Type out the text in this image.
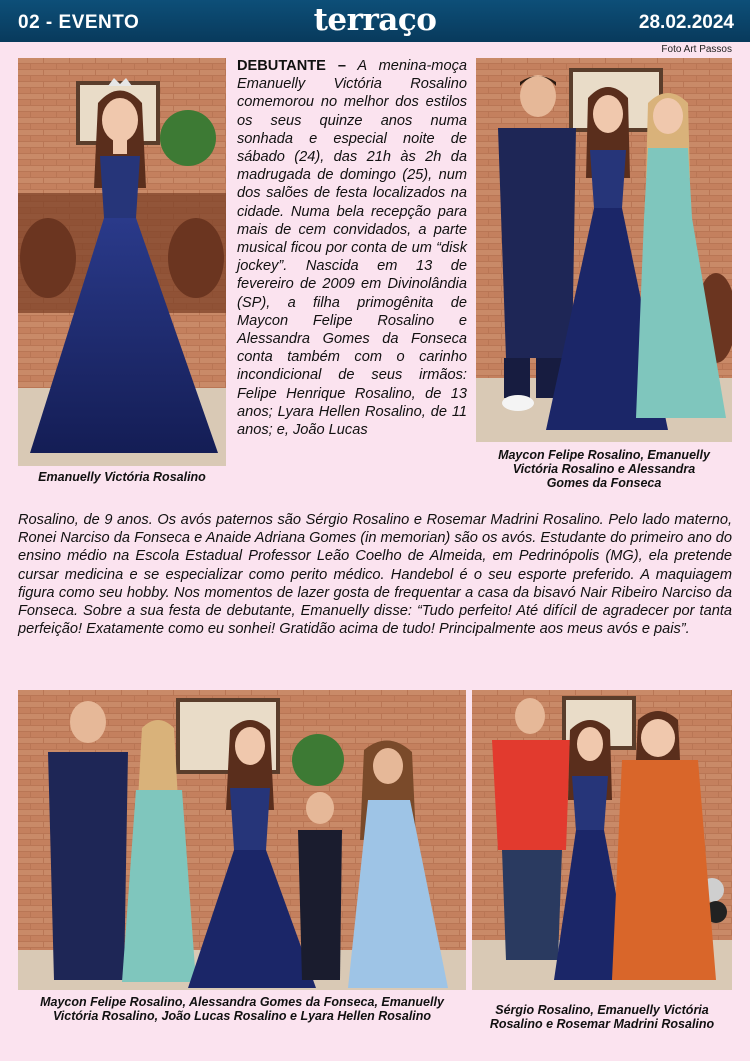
02 - EVENTO	terraço	28.02.2024
Foto Art Passos
Emanuelly Victória Rosalino
DEBUTANTE – A menina-moça Emanuelly Victória Rosalino comemorou no melhor dos estilos os seus quinze anos numa sonhada e especial noite de sábado (24), das 21h às 2h da madrugada de domingo (25), num dos salões de festa localizados na cidade. Numa bela recepção para mais de cem convidados, a parte musical ficou por conta de um “disk jockey”. Nascida em 13 de fevereiro de 2009 em Divinolândia (SP), a filha primogênita de Maycon Felipe Rosalino e Alessandra Gomes da Fonseca conta também com o carinho incondicional de seus irmãos: Felipe Henrique Rosalino, de 13 anos; Lyara Hellen Rosalino, de 11 anos; e, João Lucas
Maycon Felipe Rosalino, Emanuelly Victória Rosalino e Alessandra Gomes da Fonseca
Rosalino, de 9 anos. Os avós paternos são Sérgio Rosalino e Rosemar Madrini Rosalino. Pelo lado materno, Ronei Narciso da Fonseca e Anaide Adriana Gomes (in memorian) são os avós. Estudante do primeiro ano do ensino médio na Escola Estadual Professor Leão Coelho de Almeida, em Pedrinópolis (MG), ela pretende cursar medicina e se especializar como perito médico. Handebol é o seu esporte preferido. A maquiagem figura como seu hobby. Nos momentos de lazer gosta de frequentar a casa da bisavó Nair Ribeiro Narciso da Fonseca. Sobre a sua festa de debutante, Emanuelly disse: “Tudo perfeito! Até difícil de agradecer por tanta perfeição! Exatamente como eu sonhei! Gratidão acima de tudo! Principalmente aos meus avós e pais”.
Maycon Felipe Rosalino, Alessandra Gomes da Fonseca, Emanuelly Victória Rosalino, João Lucas Rosalino e Lyara Hellen Rosalino	Sérgio Rosalino, Emanuelly Victória Rosalino e Rosemar Madrini Rosalino
